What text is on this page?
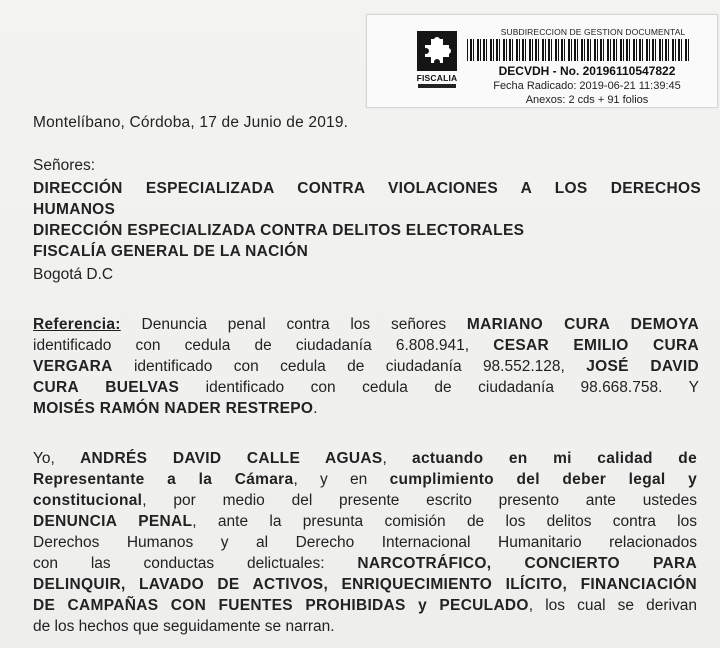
FISCALIA
SUBDIRECCION DE GESTION DOCUMENTAL
DECVDH - No. 20196110547822
Fecha Radicado: 2019-06-21 11:39:45
Anexos: 2 cds + 91 folios
Montelíbano, Córdoba, 17 de Junio de 2019.
Señores:
DIRECCIÓN ESPECIALIZADA CONTRA VIOLACIONES A LOS DERECHOS
HUMANOS
DIRECCIÓN ESPECIALIZADA CONTRA DELITOS ELECTORALES
FISCALÍA GENERAL DE LA NACIÓN
Bogotá D.C
Referencia: Denuncia penal contra los señores MARIANO CURA DEMOYA
identificado con cedula de ciudadanía 6.808.941, CESAR EMILIO CURA
VERGARA identificado con cedula de ciudadanía 98.552.128, JOSÉ DAVID
CURA BUELVAS identificado con cedula de ciudadanía 98.668.758. Y
MOISÉS RAMÓN NADER RESTREPO.
Yo, ANDRÉS DAVID CALLE AGUAS, actuando en mi calidad de
Representante a la Cámara, y en cumplimiento del deber legal y
constitucional, por medio del presente escrito presento ante ustedes
DENUNCIA PENAL, ante la presunta comisión de los delitos contra los
Derechos Humanos y al Derecho Internacional Humanitario relacionados
con las conductas delictuales: NARCOTRÁFICO, CONCIERTO PARA
DELINQUIR, LAVADO DE ACTIVOS, ENRIQUECIMIENTO ILÍCITO, FINANCIACIÓN
DE CAMPAÑAS CON FUENTES PROHIBIDAS y PECULADO, los cual se derivan
de los hechos que seguidamente se narran.
